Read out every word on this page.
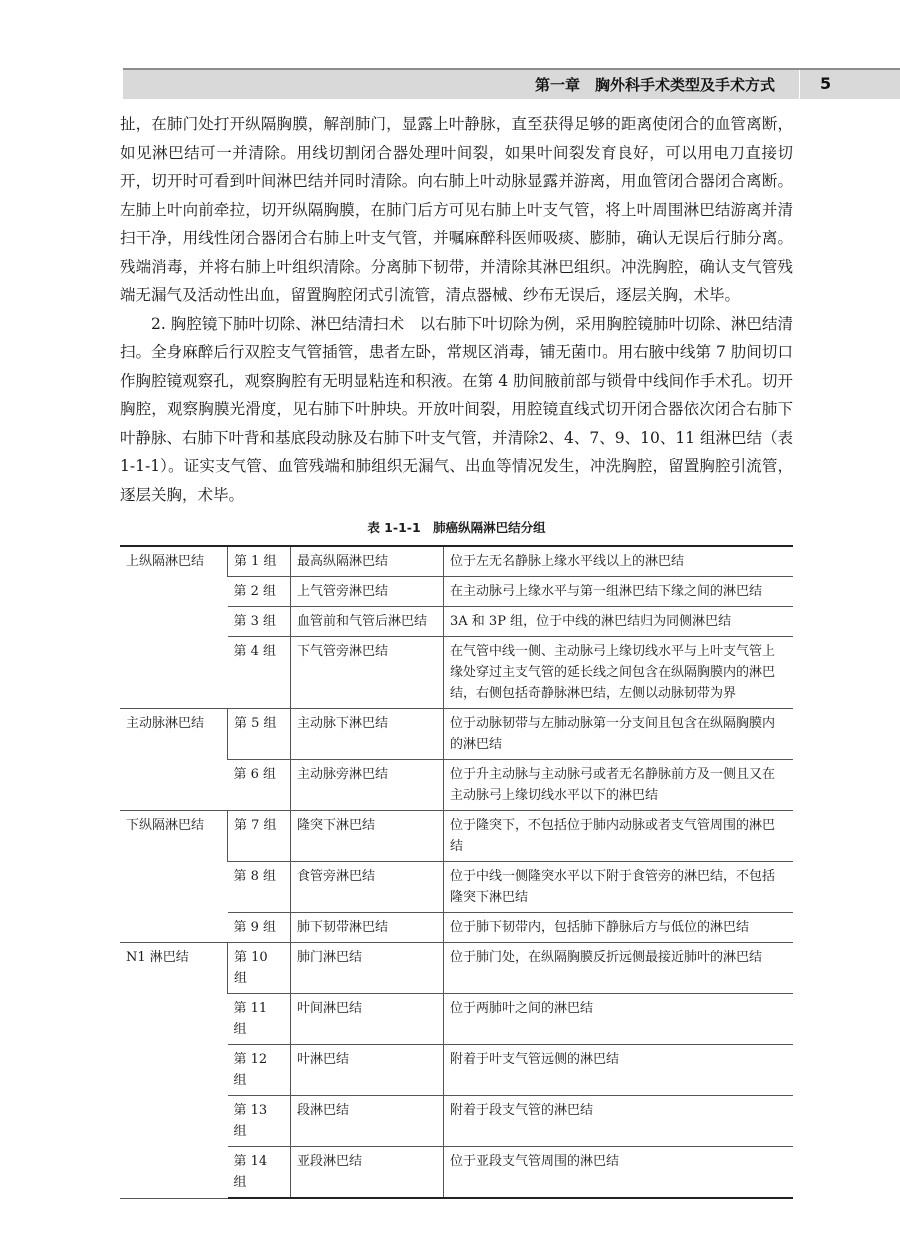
第一章　胸外科手术类型及手术方式	5

扯，在肺门处打开纵隔胸膜，解剖肺门，显露上叶静脉，直至获得足够的距离使闭合的血管离断，如见淋巴结可一并清除。用线切割闭合器处理叶间裂，如果叶间裂发育良好，可以用电刀直接切开，切开时可看到叶间淋巴结并同时清除。向右肺上叶动脉显露并游离，用血管闭合器闭合离断。左肺上叶向前牵拉，切开纵隔胸膜，在肺门后方可见右肺上叶支气管，将上叶周围淋巴结游离并清扫干净，用线性闭合器闭合右肺上叶支气管，并嘱麻醉科医师吸痰、膨肺，确认无误后行肺分离。残端消毒，并将右肺上叶组织清除。分离肺下韧带，并清除其淋巴组织。冲洗胸腔，确认支气管残端无漏气及活动性出血，留置胸腔闭式引流管，清点器械、纱布无误后，逐层关胸，术毕。

2. 胸腔镜下肺叶切除、淋巴结清扫术　以右肺下叶切除为例，采用胸腔镜肺叶切除、淋巴结清扫。全身麻醉后行双腔支气管插管，患者左卧，常规区消毒，铺无菌巾。用右腋中线第 7 肋间切口作胸腔镜观察孔，观察胸腔有无明显粘连和积液。在第 4 肋间腋前部与锁骨中线间作手术孔。切开胸腔，观察胸膜光滑度，见右肺下叶肿块。开放叶间裂，用腔镜直线式切开闭合器依次闭合右肺下叶静脉、右肺下叶背和基底段动脉及右肺下叶支气管，并清除2、4、7、9、10、11 组淋巴结（表 1-1-1）。证实支气管、血管残端和肺组织无漏气、出血等情况发生，冲洗胸腔，留置胸腔引流管，逐层关胸，术毕。

表 1-1-1　肺癌纵隔淋巴结分组
上纵隔淋巴结	第 1 组	最高纵隔淋巴结	位于左无名静脉上缘水平线以上的淋巴结
	第 2 组	上气管旁淋巴结	在主动脉弓上缘水平与第一组淋巴结下缘之间的淋巴结
	第 3 组	血管前和气管后淋巴结	3A 和 3P 组，位于中线的淋巴结归为同侧淋巴结
	第 4 组	下气管旁淋巴结	在气管中线一侧、主动脉弓上缘切线水平与上叶支气管上缘处穿过主支气管的延长线之间包含在纵隔胸膜内的淋巴结，右侧包括奇静脉淋巴结，左侧以动脉韧带为界
主动脉淋巴结	第 5 组	主动脉下淋巴结	位于动脉韧带与左肺动脉第一分支间且包含在纵隔胸膜内的淋巴结
	第 6 组	主动脉旁淋巴结	位于升主动脉与主动脉弓或者无名静脉前方及一侧且又在主动脉弓上缘切线水平以下的淋巴结
下纵隔淋巴结	第 7 组	隆突下淋巴结	位于隆突下，不包括位于肺内动脉或者支气管周围的淋巴结
	第 8 组	食管旁淋巴结	位于中线一侧隆突水平以下附于食管旁的淋巴结，不包括隆突下淋巴结
	第 9 组	肺下韧带淋巴结	位于肺下韧带内，包括肺下静脉后方与低位的淋巴结
N1 淋巴结	第 10 组	肺门淋巴结	位于肺门处，在纵隔胸膜反折远侧最接近肺叶的淋巴结
	第 11 组	叶间淋巴结	位于两肺叶之间的淋巴结
	第 12 组	叶淋巴结	附着于叶支气管远侧的淋巴结
	第 13 组	段淋巴结	附着于段支气管的淋巴结
	第 14 组	亚段淋巴结	位于亚段支气管周围的淋巴结
